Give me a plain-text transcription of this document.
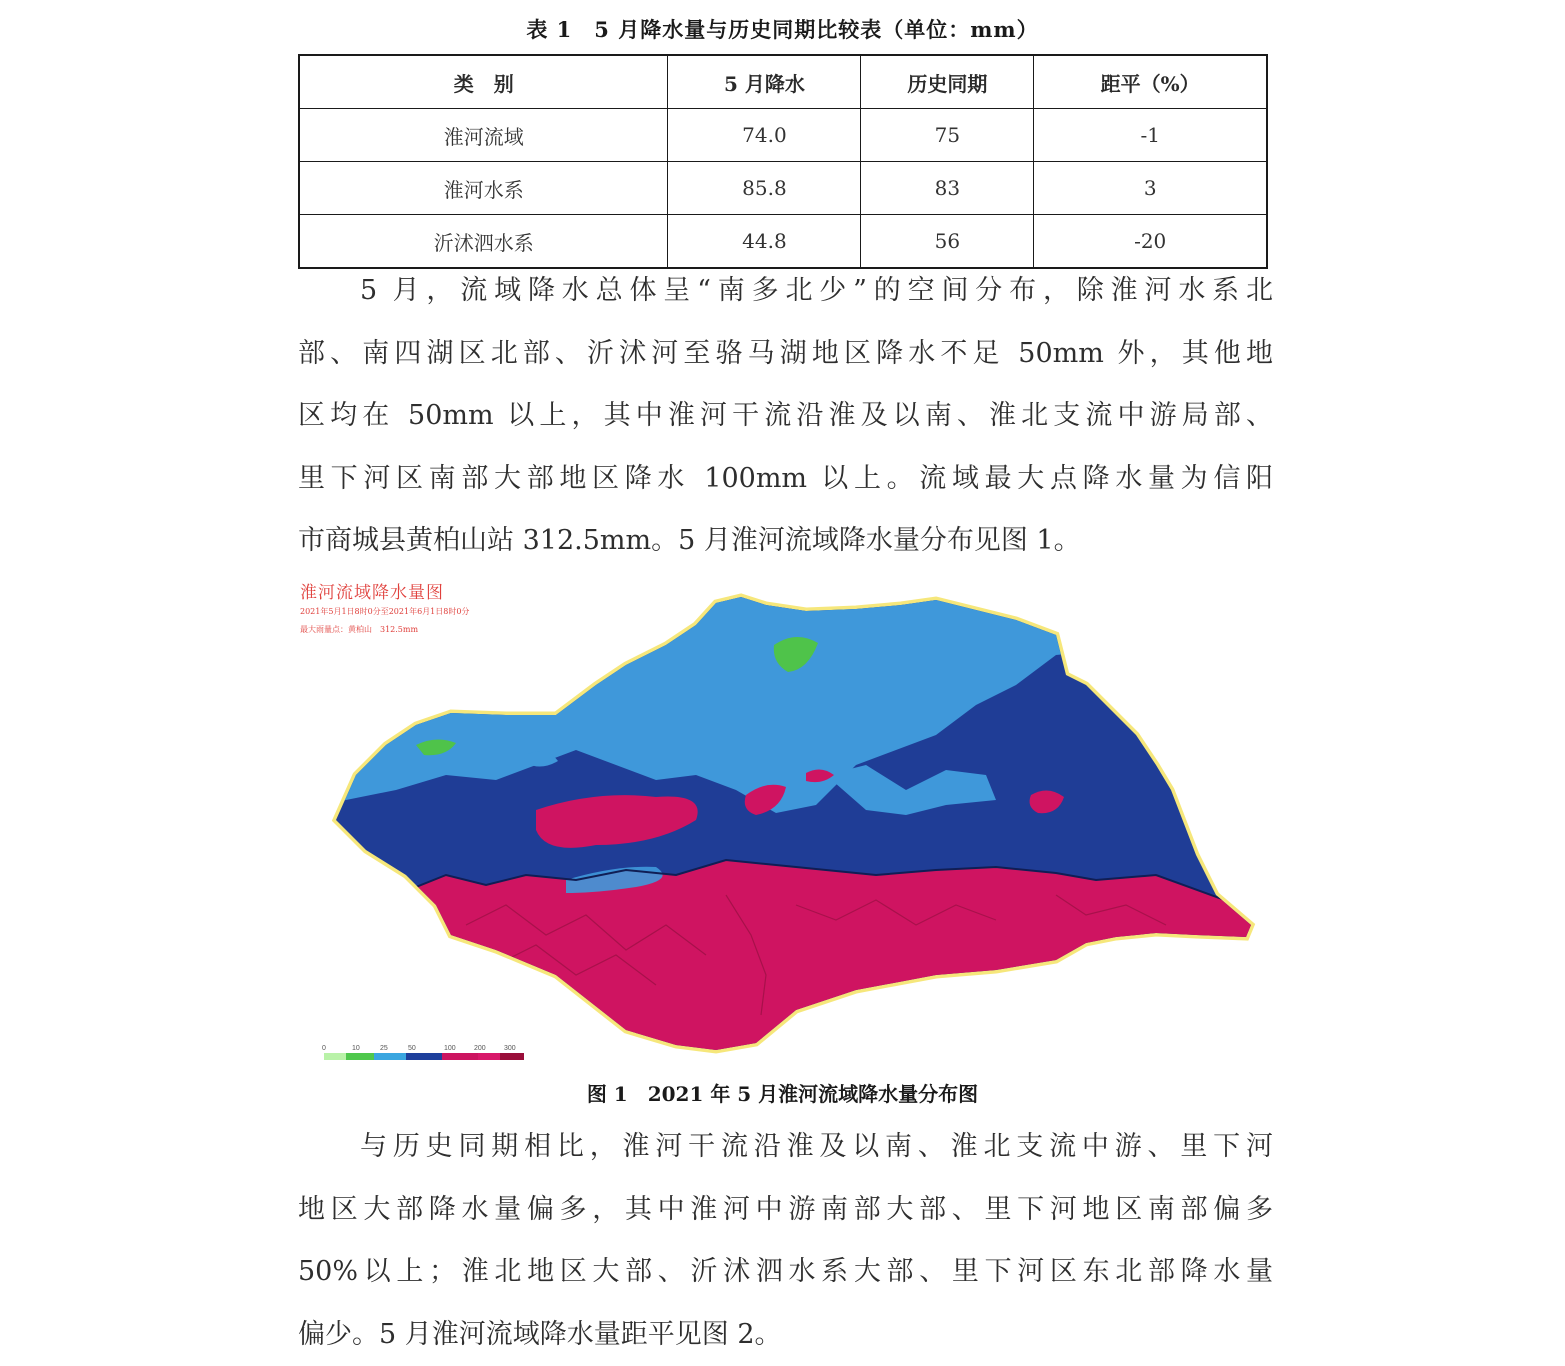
表 1　5 月降水量与历史同期比较表（单位：mm）
类　别	5 月降水	历史同期	距平（%）
淮河流域	74.0	75	-1
淮河水系	85.8	83	3
沂沭泗水系	44.8	56	-20
5 月，流域降水总体呈“南多北少”的空间分布，除淮河水系北
部、南四湖区北部、沂沭河至骆马湖地区降水不足 50mm 外，其他地
区均在 50mm 以上，其中淮河干流沿淮及以南、淮北支流中游局部、
里下河区南部大部地区降水 100mm 以上。流域最大点降水量为信阳
市商城县黄柏山站 312.5mm。5 月淮河流域降水量分布见图 1。
0	10	25	50	100	200	300
淮河流域降水量图
2021年5月1日8时0分至2021年6月1日8时0分
最大雨量点：黄柏山　312.5mm
图 1　2021 年 5 月淮河流域降水量分布图
与历史同期相比，淮河干流沿淮及以南、淮北支流中游、里下河
地区大部降水量偏多，其中淮河中游南部大部、里下河地区南部偏多
50%以上；淮北地区大部、沂沭泗水系大部、里下河区东北部降水量
偏少。5 月淮河流域降水量距平见图 2。
